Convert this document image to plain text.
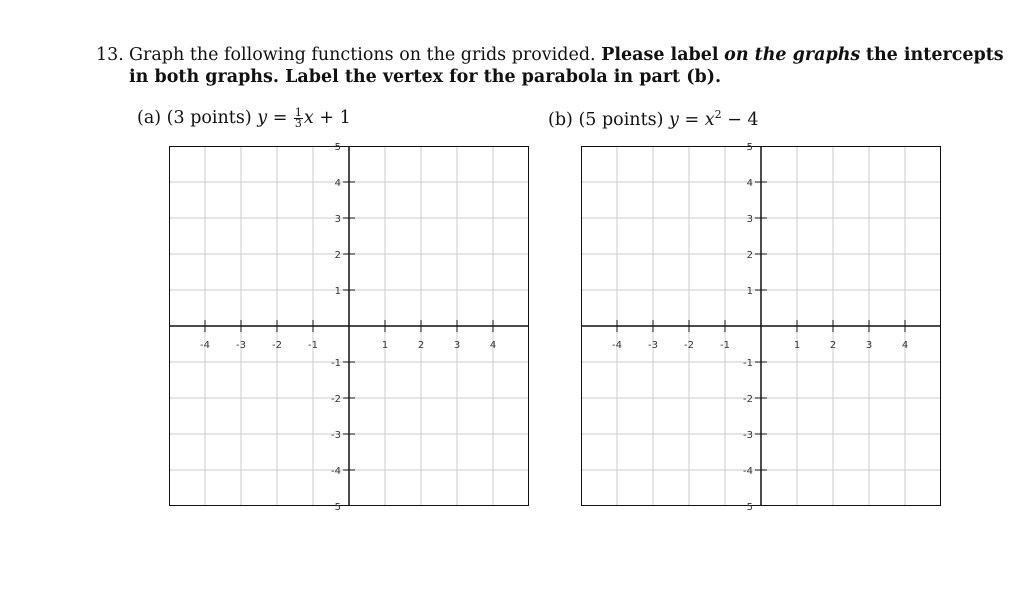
13. Graph the following functions on the grids provided. Please label on the graphs the intercepts
in both graphs. Label the vertex for the parabola in part (b).
(a) (3 points) $y = \frac{1}{3}$ x + 1	(b) (5 points) $y = x^2 - 4$
-4	-3	-2	-1	1	2	3	4
4
3
2
1
-1
-2
-3
-4
5
5
-4	-3	-2	-1	1	2	3	4
4
3
2
1
-1
-2
-3
-4
5
5
